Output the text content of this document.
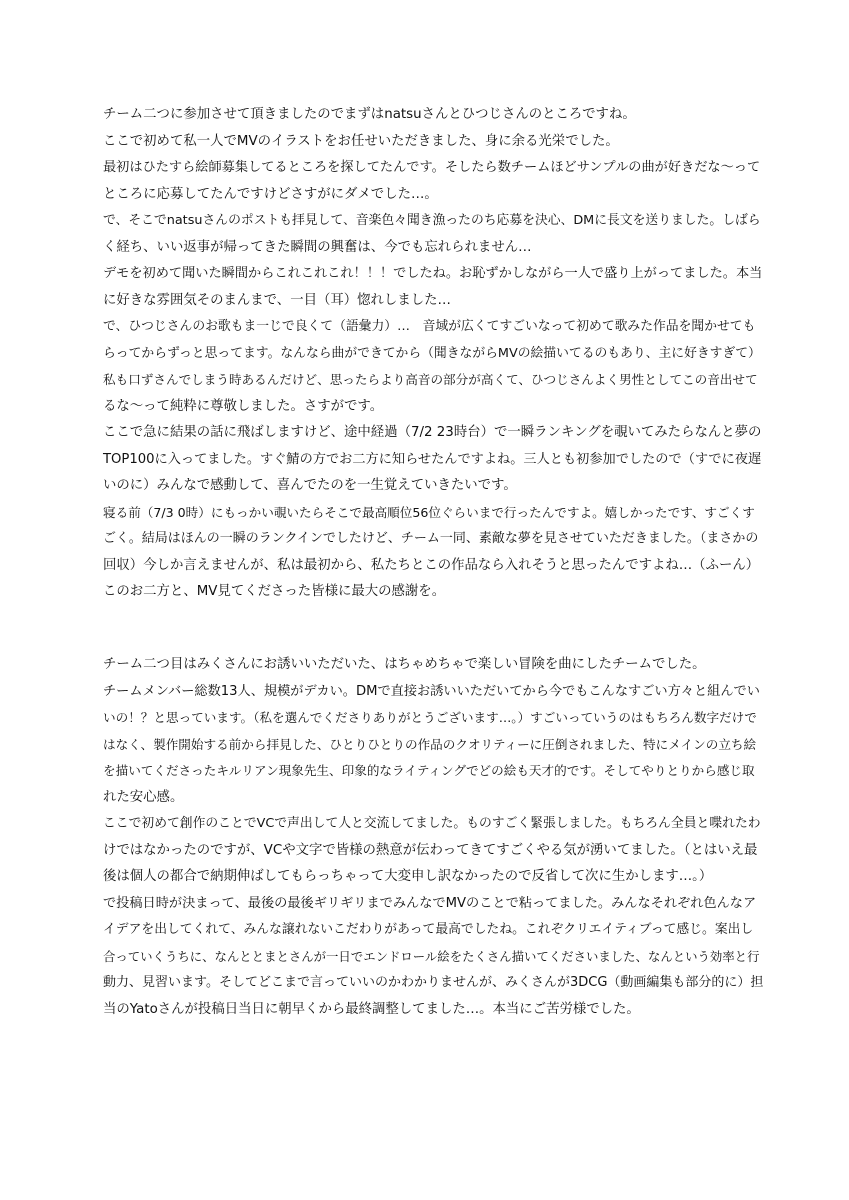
チーム二つに参加させて頂きましたのでまずはnatsuさんとひつじさんのところですね。
ここで初めて私一人でMVのイラストをお任せいただきました、身に余る光栄でした。
最初はひたすら絵師募集してるところを探してたんです。そしたら数チームほどサンプルの曲が好きだな～って
ところに応募してたんですけどさすがにダメでした…。
で、そこでnatsuさんのポストも拝見して、音楽色々聞き漁ったのち応募を決心、DMに長文を送りました。しばら
く経ち、いい返事が帰ってきた瞬間の興奮は、今でも忘れられません…
デモを初めて聞いた瞬間からこれこれこれ！！！でしたね。お恥ずかしながら一人で盛り上がってました。本当
に好きな雰囲気そのまんまで、一目（耳）惚れしました…
で、ひつじさんのお歌もま一じで良くて（語彙力）…　音域が広くてすごいなって初めて歌みた作品を聞かせても
らってからずっと思ってます。なんなら曲ができてから（聞きながらMVの絵描いてるのもあり、主に好きすぎて）
私も口ずさんでしまう時あるんだけど、思ったらより高音の部分が高くて、ひつじさんよく男性としてこの音出せて
るな～って純粋に尊敬しました。さすがです。
ここで急に結果の話に飛ばしますけど、途中経過（7/2 23時台）で一瞬ランキングを覗いてみたらなんと夢の
TOP100に入ってました。すぐ鯖の方でお二方に知らせたんですよね。三人とも初参加でしたので（すでに夜遅
いのに）みんなで感動して、喜んでたのを一生覚えていきたいです。
寝る前（7/3 0時）にもっかい覗いたらそこで最高順位56位ぐらいまで行ったんですよ。嬉しかったです、すごくす
ごく。結局はほんの一瞬のランクインでしたけど、チーム一同、素敵な夢を見させていただきました。（まさかの
回収）今しか言えませんが、私は最初から、私たちとこの作品なら入れそうと思ったんですよね…（ふーん）
このお二方と、MV見てくださった皆様に最大の感謝を。
チーム二つ目はみくさんにお誘いいただいた、はちゃめちゃで楽しい冒険を曲にしたチームでした。
チームメンバー総数13人、規模がデカい。DMで直接お誘いいただいてから今でもこんなすごい方々と組んでい
いの！？と思っています。（私を選んでくださりありがとうございます…。）すごいっていうのはもちろん数字だけで
はなく、製作開始する前から拝見した、ひとりひとりの作品のクオリティーに圧倒されました、特にメインの立ち絵
を描いてくださったキルリアン現象先生、印象的なライティングでどの絵も天才的です。そしてやりとりから感じ取
れた安心感。
ここで初めて創作のことでVCで声出して人と交流してました。ものすごく緊張しました。もちろん全員と喋れたわ
けではなかったのですが、VCや文字で皆様の熱意が伝わってきてすごくやる気が湧いてました。（とはいえ最
後は個人の都合で納期伸ばしてもらっちゃって大変申し訳なかったので反省して次に生かします…。）
で投稿日時が決まって、最後の最後ギリギリまでみんなでMVのことで粘ってました。みんなそれぞれ色んなア
イデアを出してくれて、みんな譲れないこだわりがあって最高でしたね。これぞクリエイティブって感じ。案出し
合っていくうちに、なんととまとさんが一日でエンドロール絵をたくさん描いてくださいました、なんという効率と行
動力、見習います。そしてどこまで言っていいのかわかりませんが、みくさんが3DCG（動画編集も部分的に）担
当のYatoさんが投稿日当日に朝早くから最終調整してました…。本当にご苦労様でした。
